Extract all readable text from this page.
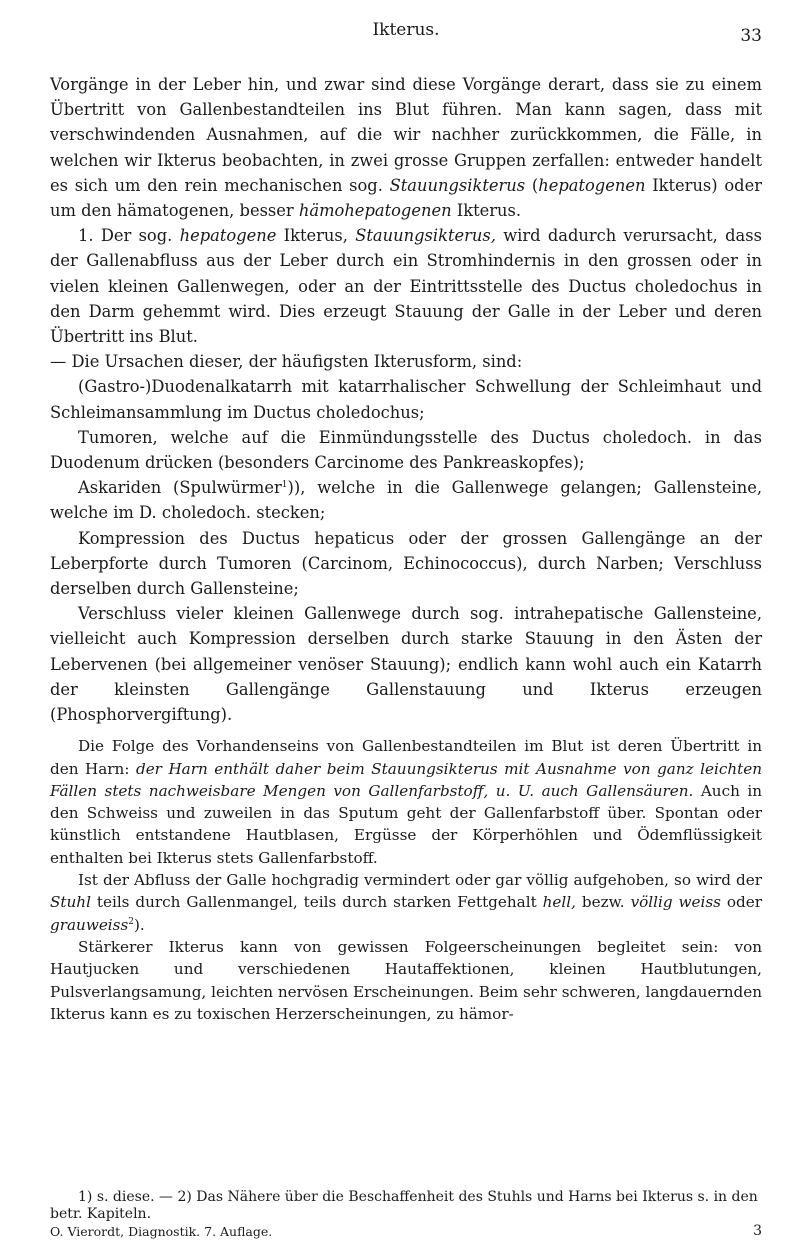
Ikterus.	33

Vorgänge in der Leber hin, und zwar sind diese Vorgänge derart, dass sie zu einem Übertritt von Gallenbestandteilen ins Blut führen. Man kann sagen, dass mit verschwindenden Ausnahmen, auf die wir nachher zurückkommen, die Fälle, in welchen wir Ikterus beobachten, in zwei grosse Gruppen zerfallen: entweder handelt es sich um den rein mechanischen sog. Stauungsikterus (hepatogenen Ikterus) oder um den hämatogenen, besser hämohepatogenen Ikterus.

1. Der sog. hepatogene Ikterus, Stauungsikterus, wird dadurch verursacht, dass der Gallenabfluss aus der Leber durch ein Stromhindernis in den grossen oder in vielen kleinen Gallenwegen, oder an der Eintrittsstelle des Ductus choledochus in den Darm gehemmt wird. Dies erzeugt Stauung der Galle in der Leber und deren Übertritt ins Blut.

— Die Ursachen dieser, der häufigsten Ikterusform, sind:

(Gastro-)Duodenalkatarrh mit katarrhalischer Schwellung der Schleimhaut und Schleimansammlung im Ductus choledochus;

Tumoren, welche auf die Einmündungsstelle des Ductus choledoch. in das Duodenum drücken (besonders Carcinome des Pankreaskopfes);

Askariden (Spulwürmer$^1$)), welche in die Gallenwege gelangen; Gallensteine, welche im D. choledoch. stecken;

Kompression des Ductus hepaticus oder der grossen Gallengänge an der Leberpforte durch Tumoren (Carcinom, Echinococcus), durch Narben; Verschluss derselben durch Gallensteine;

Verschluss vieler kleinen Gallenwege durch sog. intrahepatische Gallensteine, vielleicht auch Kompression derselben durch starke Stauung in den Ästen der Lebervenen (bei allgemeiner venöser Stauung); endlich kann wohl auch ein Katarrh der kleinsten Gallengänge Gallenstauung und Ikterus erzeugen (Phosphorvergiftung).

Die Folge des Vorhandenseins von Gallenbestandteilen im Blut ist deren Übertritt in den Harn: der Harn enthält daher beim Stauungsikterus mit Ausnahme von ganz leichten Fällen stets nachweisbare Mengen von Gallenfarbstoff, u. U. auch Gallensäuren. Auch in den Schweiss und zuweilen in das Sputum geht der Gallenfarbstoff über. Spontan oder künstlich entstandene Hautblasen, Ergüsse der Körperhöhlen und Ödemflüssigkeit enthalten bei Ikterus stets Gallenfarbstoff.

Ist der Abfluss der Galle hochgradig vermindert oder gar völlig aufgehoben, so wird der Stuhl teils durch Gallenmangel, teils durch starken Fettgehalt hell, bezw. völlig weiss oder grauweiss$^2$).

Stärkerer Ikterus kann von gewissen Folgeerscheinungen begleitet sein: von Hautjucken und verschiedenen Hautaffektionen, kleinen Hautblutungen, Pulsverlangsamung, leichten nervösen Erscheinungen. Beim sehr schweren, langdauernden Ikterus kann es zu toxischen Herzerscheinungen, zu hämor-

1) s. diese. — 2) Das Nähere über die Beschaffenheit des Stuhls und Harns bei Ikterus s. in den betr. Kapiteln.
O. Vierordt, Diagnostik. 7. Auflage.	3
